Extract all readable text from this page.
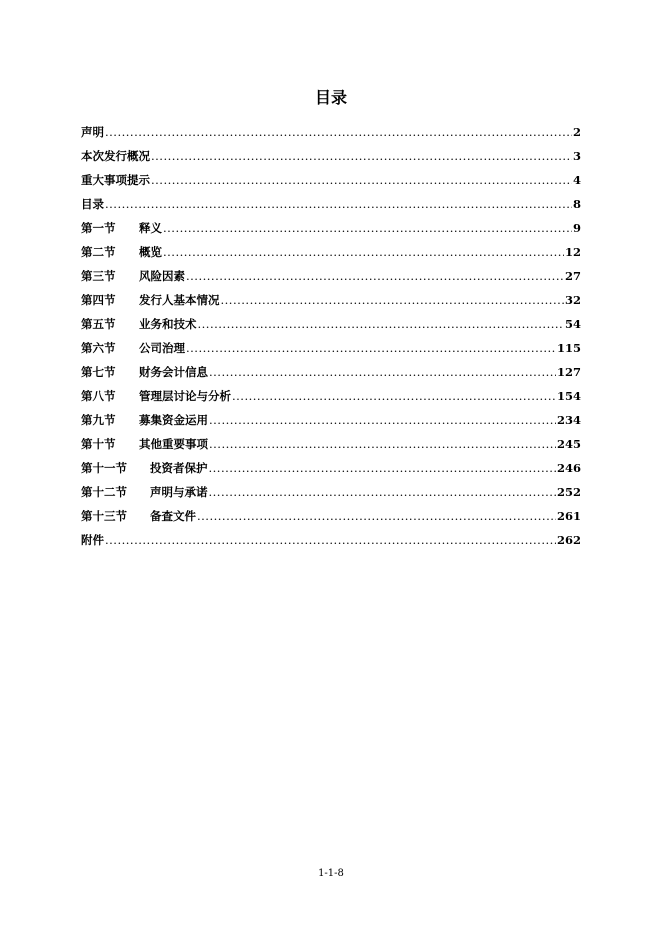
目录
声明 .....	2
本次发行概况 .....	3
重大事项提示 .....	4
目录 .....	8
第一节	释义 .....	9
第二节	概览 .....	12
第三节	风险因素 .....	27
第四节	发行人基本情况 .....	32
第五节	业务和技术 .....	54
第六节	公司治理 .....	115
第七节	财务会计信息 .....	127
第八节	管理层讨论与分析 .....	154
第九节	募集资金运用 .....	234
第十节	其他重要事项 .....	245
第十一节	投资者保护 .....	246
第十二节	声明与承诺 .....	252
第十三节	备查文件 .....	261
附件 .....	262
1-1-8
